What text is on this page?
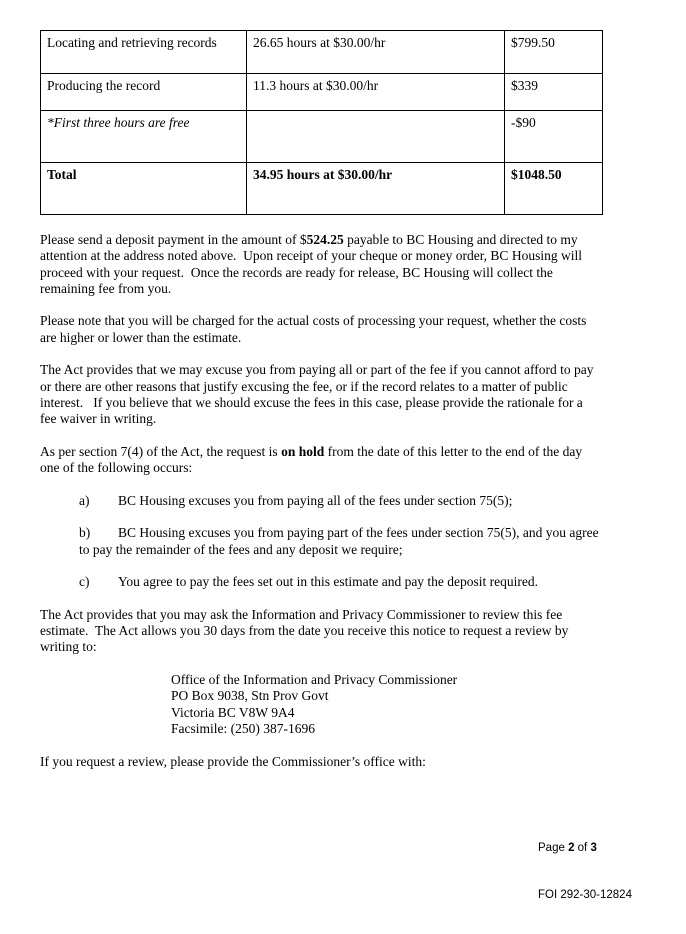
Locating and retrieving records	26.65 hours at $30.00/hr	$799.50
Producing the record	11.3 hours at $30.00/hr	$339
*First three hours are free		-$90
Total	34.95 hours at $30.00/hr	$1048.50

Please send a deposit payment in the amount of $524.25 payable to BC Housing and directed to my attention at the address noted above.  Upon receipt of your cheque or money order, BC Housing will proceed with your request.  Once the records are ready for release, BC Housing will collect the remaining fee from you.

Please note that you will be charged for the actual costs of processing your request, whether the costs are higher or lower than the estimate.

The Act provides that we may excuse you from paying all or part of the fee if you cannot afford to pay or there are other reasons that justify excusing the fee, or if the record relates to a matter of public interest.   If you believe that we should excuse the fees in this case, please provide the rationale for a fee waiver in writing.

As per section 7(4) of the Act, the request is on hold from the date of this letter to the end of the day one of the following occurs:

a) BC Housing excuses you from paying all of the fees under section 75(5);
b) BC Housing excuses you from paying part of the fees under section 75(5), and you agree to pay the remainder of the fees and any deposit we require;
c) You agree to pay the fees set out in this estimate and pay the deposit required.

The Act provides that you may ask the Information and Privacy Commissioner to review this fee estimate.  The Act allows you 30 days from the date you receive this notice to request a review by writing to:

Office of the Information and Privacy Commissioner
PO Box 9038, Stn Prov Govt
Victoria BC V8W 9A4
Facsimile: (250) 387-1696

If you request a review, please provide the Commissioner’s office with:

Page 2 of 3

FOI 292-30-12824
